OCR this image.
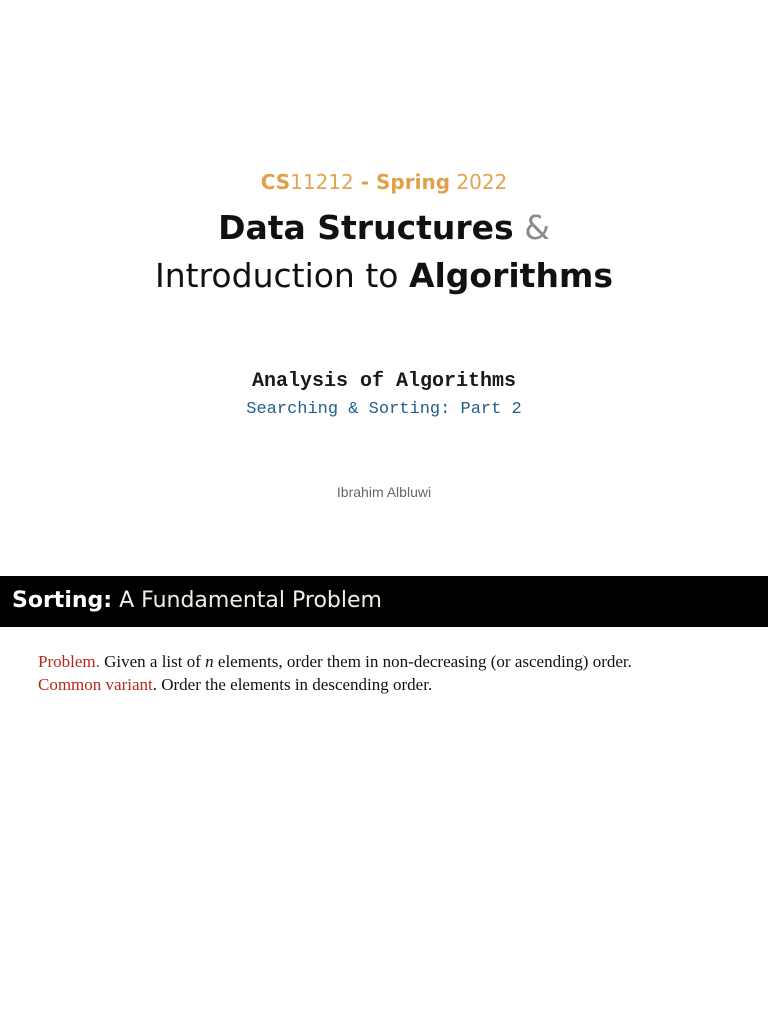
CS11212 - Spring 2022
Data Structures &
Introduction to Algorithms
Analysis of Algorithms
Searching & Sorting: Part 2
Ibrahim Albluwi
Sorting: A Fundamental Problem
Problem. Given a list of n elements, order them in non-decreasing (or ascending) order.
Common variant. Order the elements in descending order.
